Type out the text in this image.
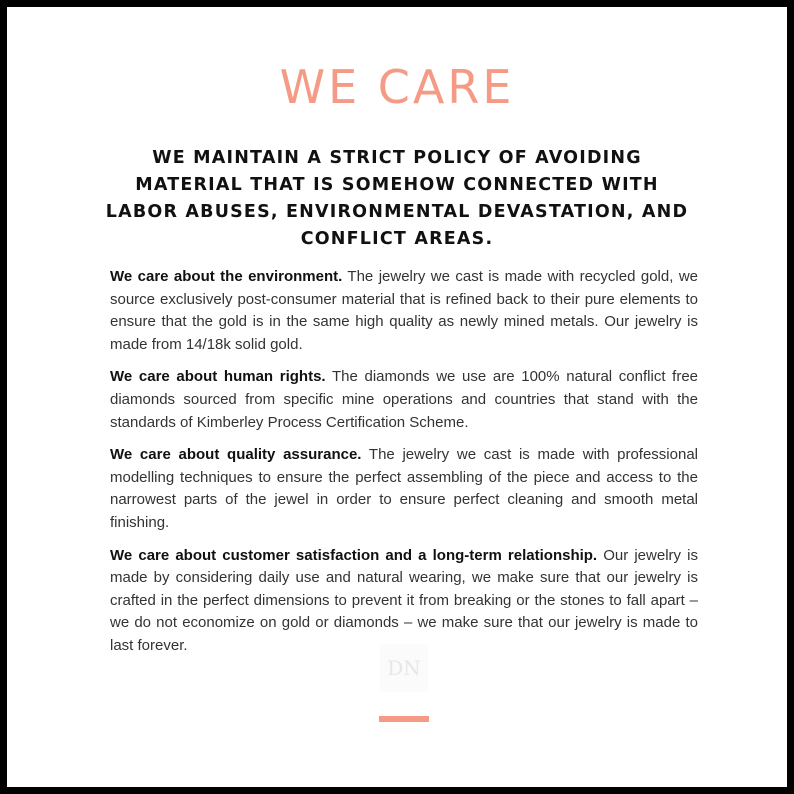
WE CARE
WE MAINTAIN A STRICT POLICY OF AVOIDING MATERIAL THAT IS SOMEHOW CONNECTED WITH LABOR ABUSES, ENVIRONMENTAL DEVASTATION, AND CONFLICT AREAS.

We care about the environment. The jewelry we cast is made with recycled gold, we source exclusively post-consumer material that is refined back to their pure elements to ensure that the gold is in the same high quality as newly mined metals. Our jewelry is made from 14/18k solid gold.

We care about human rights. The diamonds we use are 100% natural conflict free diamonds sourced from specific mine operations and countries that stand with the standards of Kimberley Process Certification Scheme.

We care about quality assurance. The jewelry we cast is made with professional modelling techniques to ensure the perfect assembling of the piece and access to the narrowest parts of the jewel in order to ensure perfect cleaning and smooth metal finishing.

We care about customer satisfaction and a long-term relationship. Our jewelry is made by considering daily use and natural wearing, we make sure that our jewelry is crafted in the perfect dimensions to prevent it from breaking or the stones to fall apart – we do not economize on gold or diamonds – we make sure that our jewelry is made to last forever.

DN
